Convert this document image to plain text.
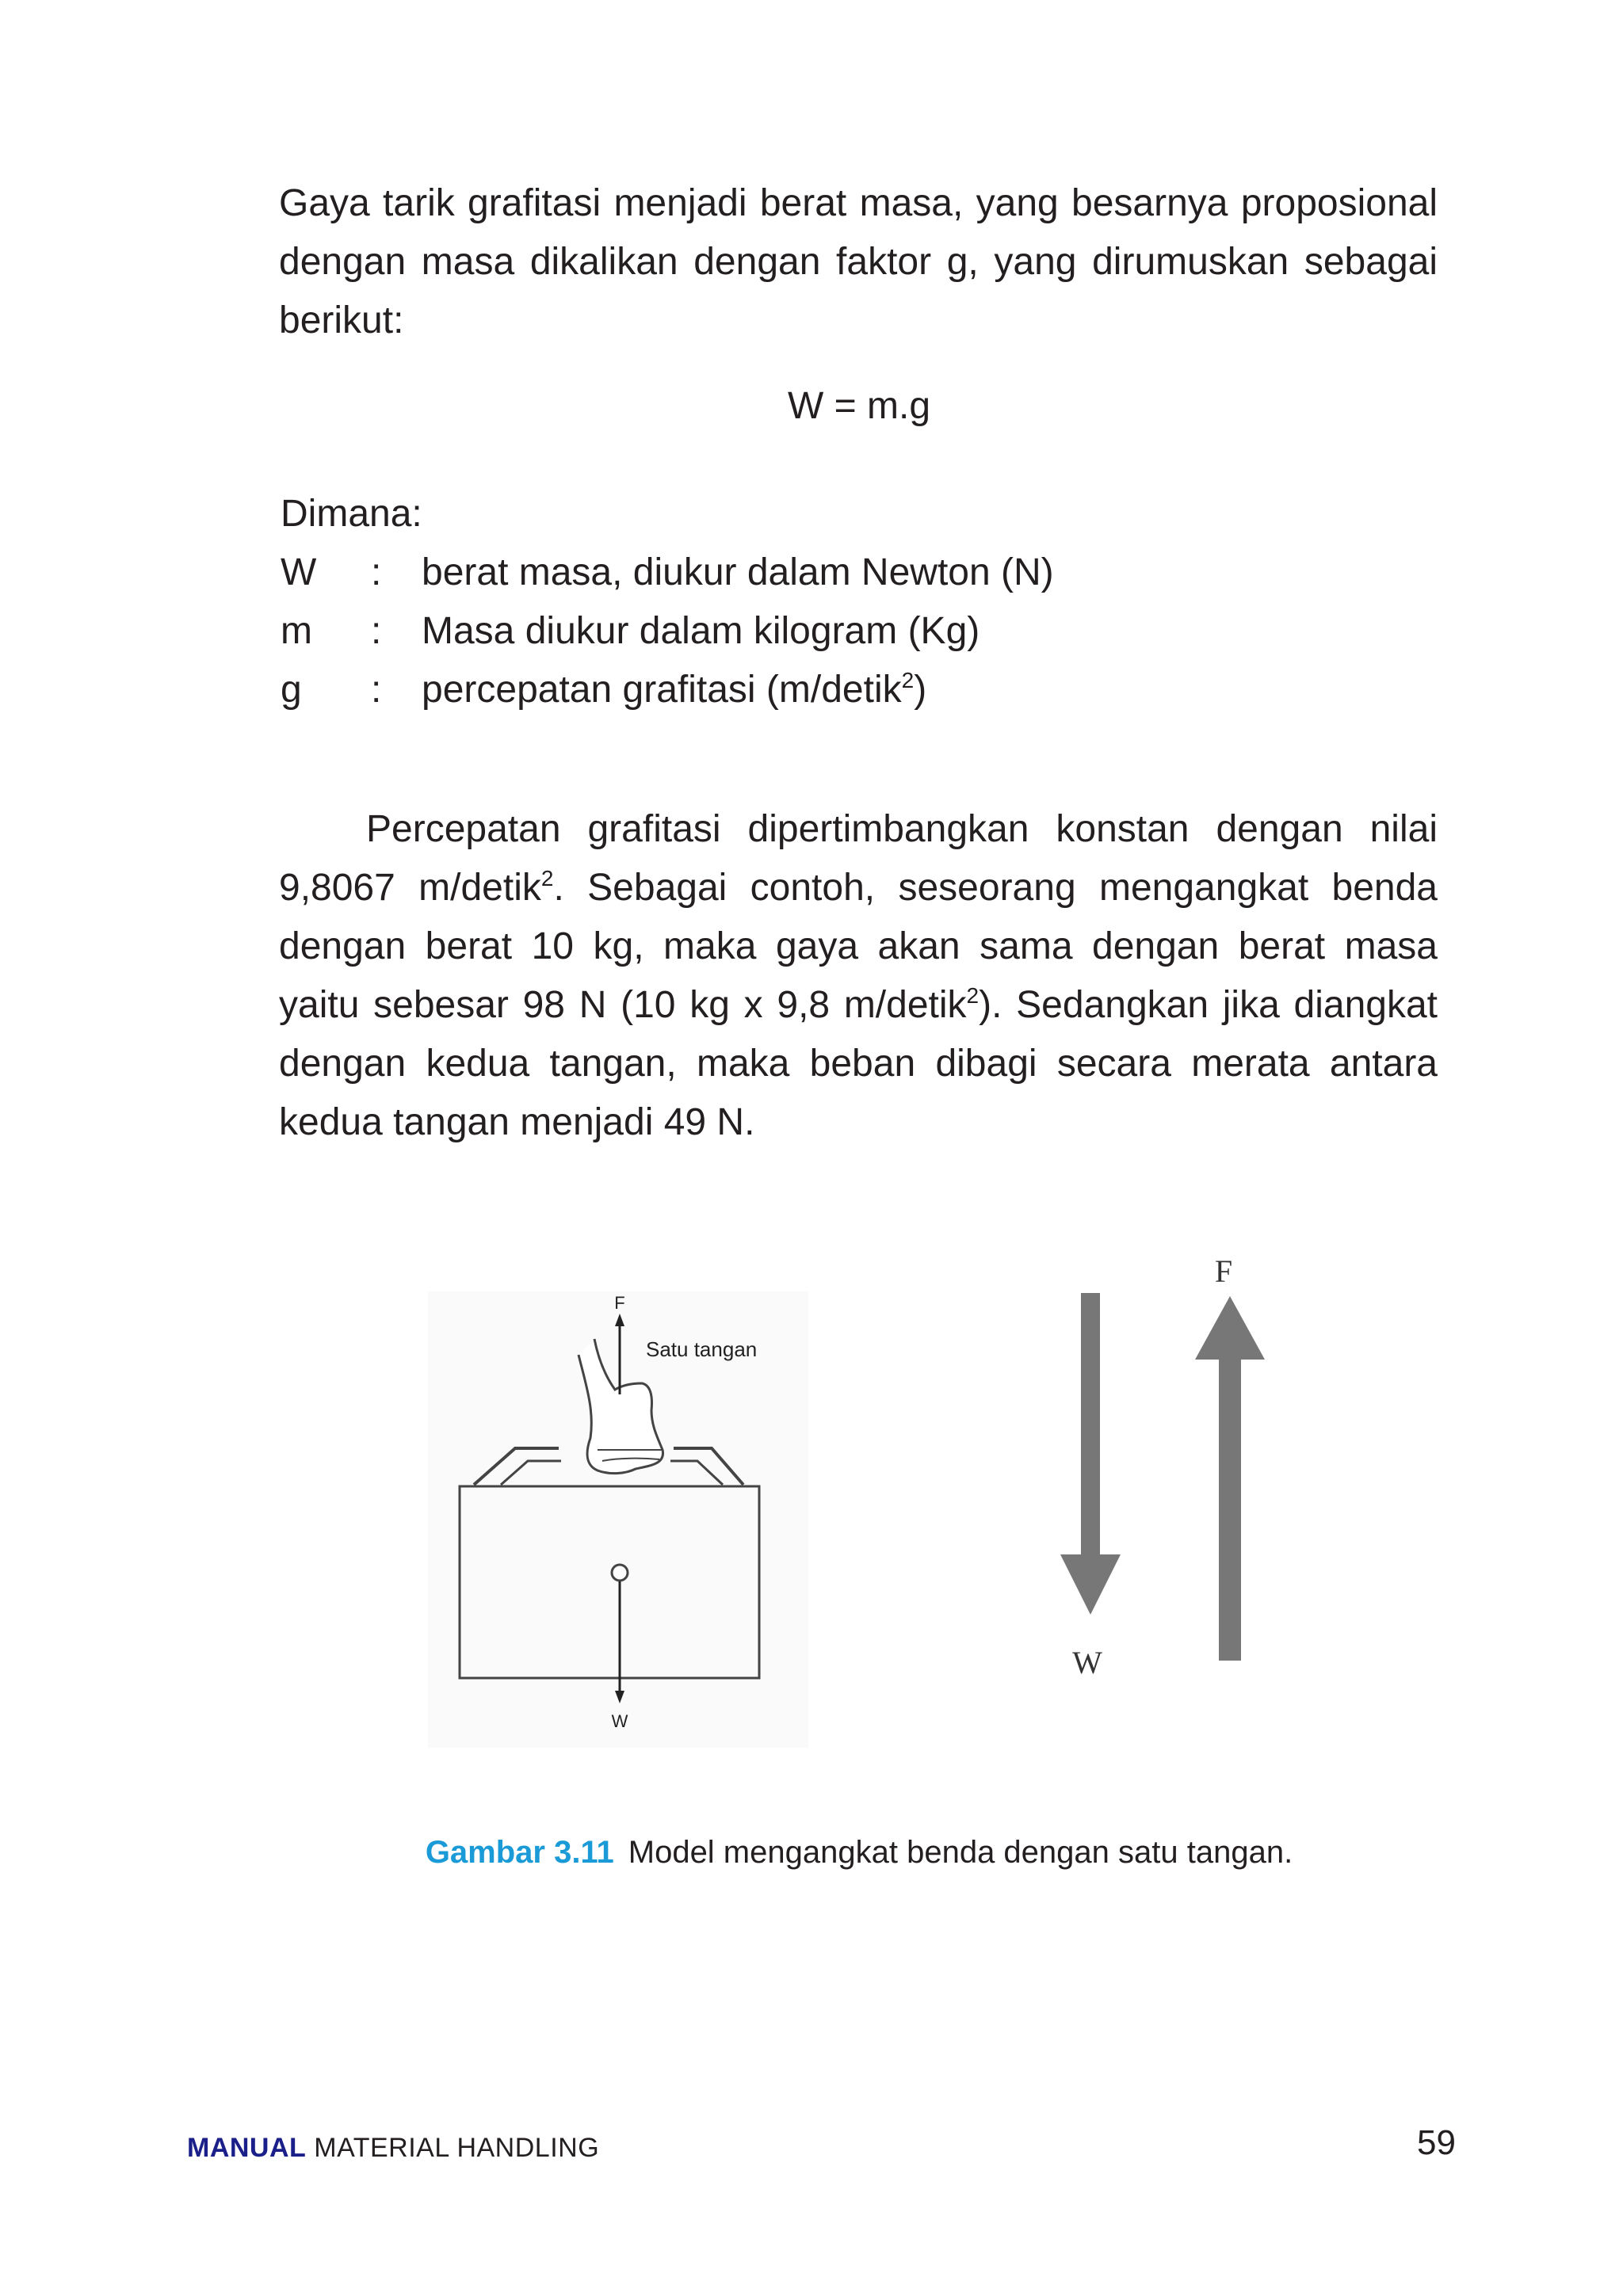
Gaya tarik grafitasi menjadi berat masa, yang besarnya proposional dengan masa dikalikan dengan faktor g, yang dirumuskan sebagai berikut:

W = m.g
Dimana:
W : berat masa, diukur dalam Newton (N)
m : Masa diukur dalam kilogram (Kg)
g : percepatan grafitasi (m/detik$^2$)

Percepatan grafitasi dipertimbangkan konstan dengan nilai 9,8067 m/detik$^2$. Sebagai contoh, seseorang mengangkat benda dengan berat 10 kg, maka gaya akan sama dengan berat masa yaitu sebesar 98 N (10 kg x 9,8 m/detik$^2$). Sedangkan jika diangkat dengan kedua tangan, maka beban dibagi secara merata antara kedua tangan menjadi 49 N.

F
Satu tangan
W
F
W
Gambar 3.11 Model mengangkat benda dengan satu tangan.
MANUAL MATERIAL HANDLING	59
